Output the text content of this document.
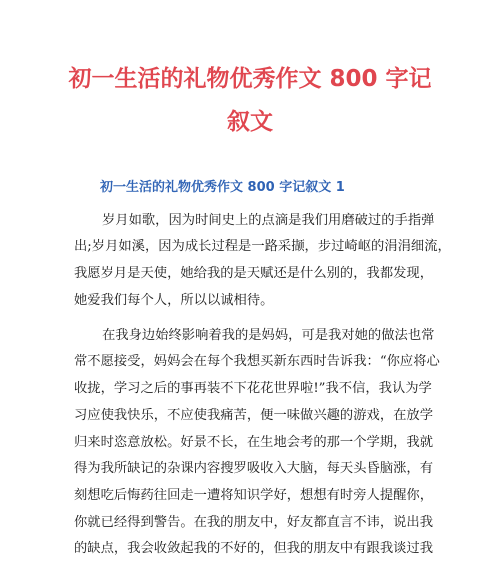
初一生活的礼物优秀作文 800 字记
叙文
初一生活的礼物优秀作文 800 字记叙文 1
岁月如歌，因为时间史上的点滴是我们用磨破过的手指弹
出;岁月如溪，因为成长过程是一路采撷，步过崎岖的涓涓细流，
我愿岁月是天使，她给我的是天赋还是什么别的，我都发现，
她爱我们每个人，所以以诚相待。
在我身边始终影响着我的是妈妈，可是我对她的做法也常
常不愿接受，妈妈会在每个我想买新东西时告诉我：“你应将心
收拢，学习之后的事再装不下花花世界啦!”我不信，我认为学
习应使我快乐，不应使我痛苦，便一味做兴趣的游戏，在放学
归来时恣意放松。好景不长，在生地会考的那一个学期，我就
得为我所缺记的杂课内容搜罗吸收入大脑，每天头昏脑涨，有
刻想吃后悔药往回走一遭将知识学好，想想有时旁人提醒你，
你就已经得到警告。在我的朋友中，好友都直言不讳，说出我
的缺点，我会收敛起我的不好的，但我的朋友中有跟我谈过我
